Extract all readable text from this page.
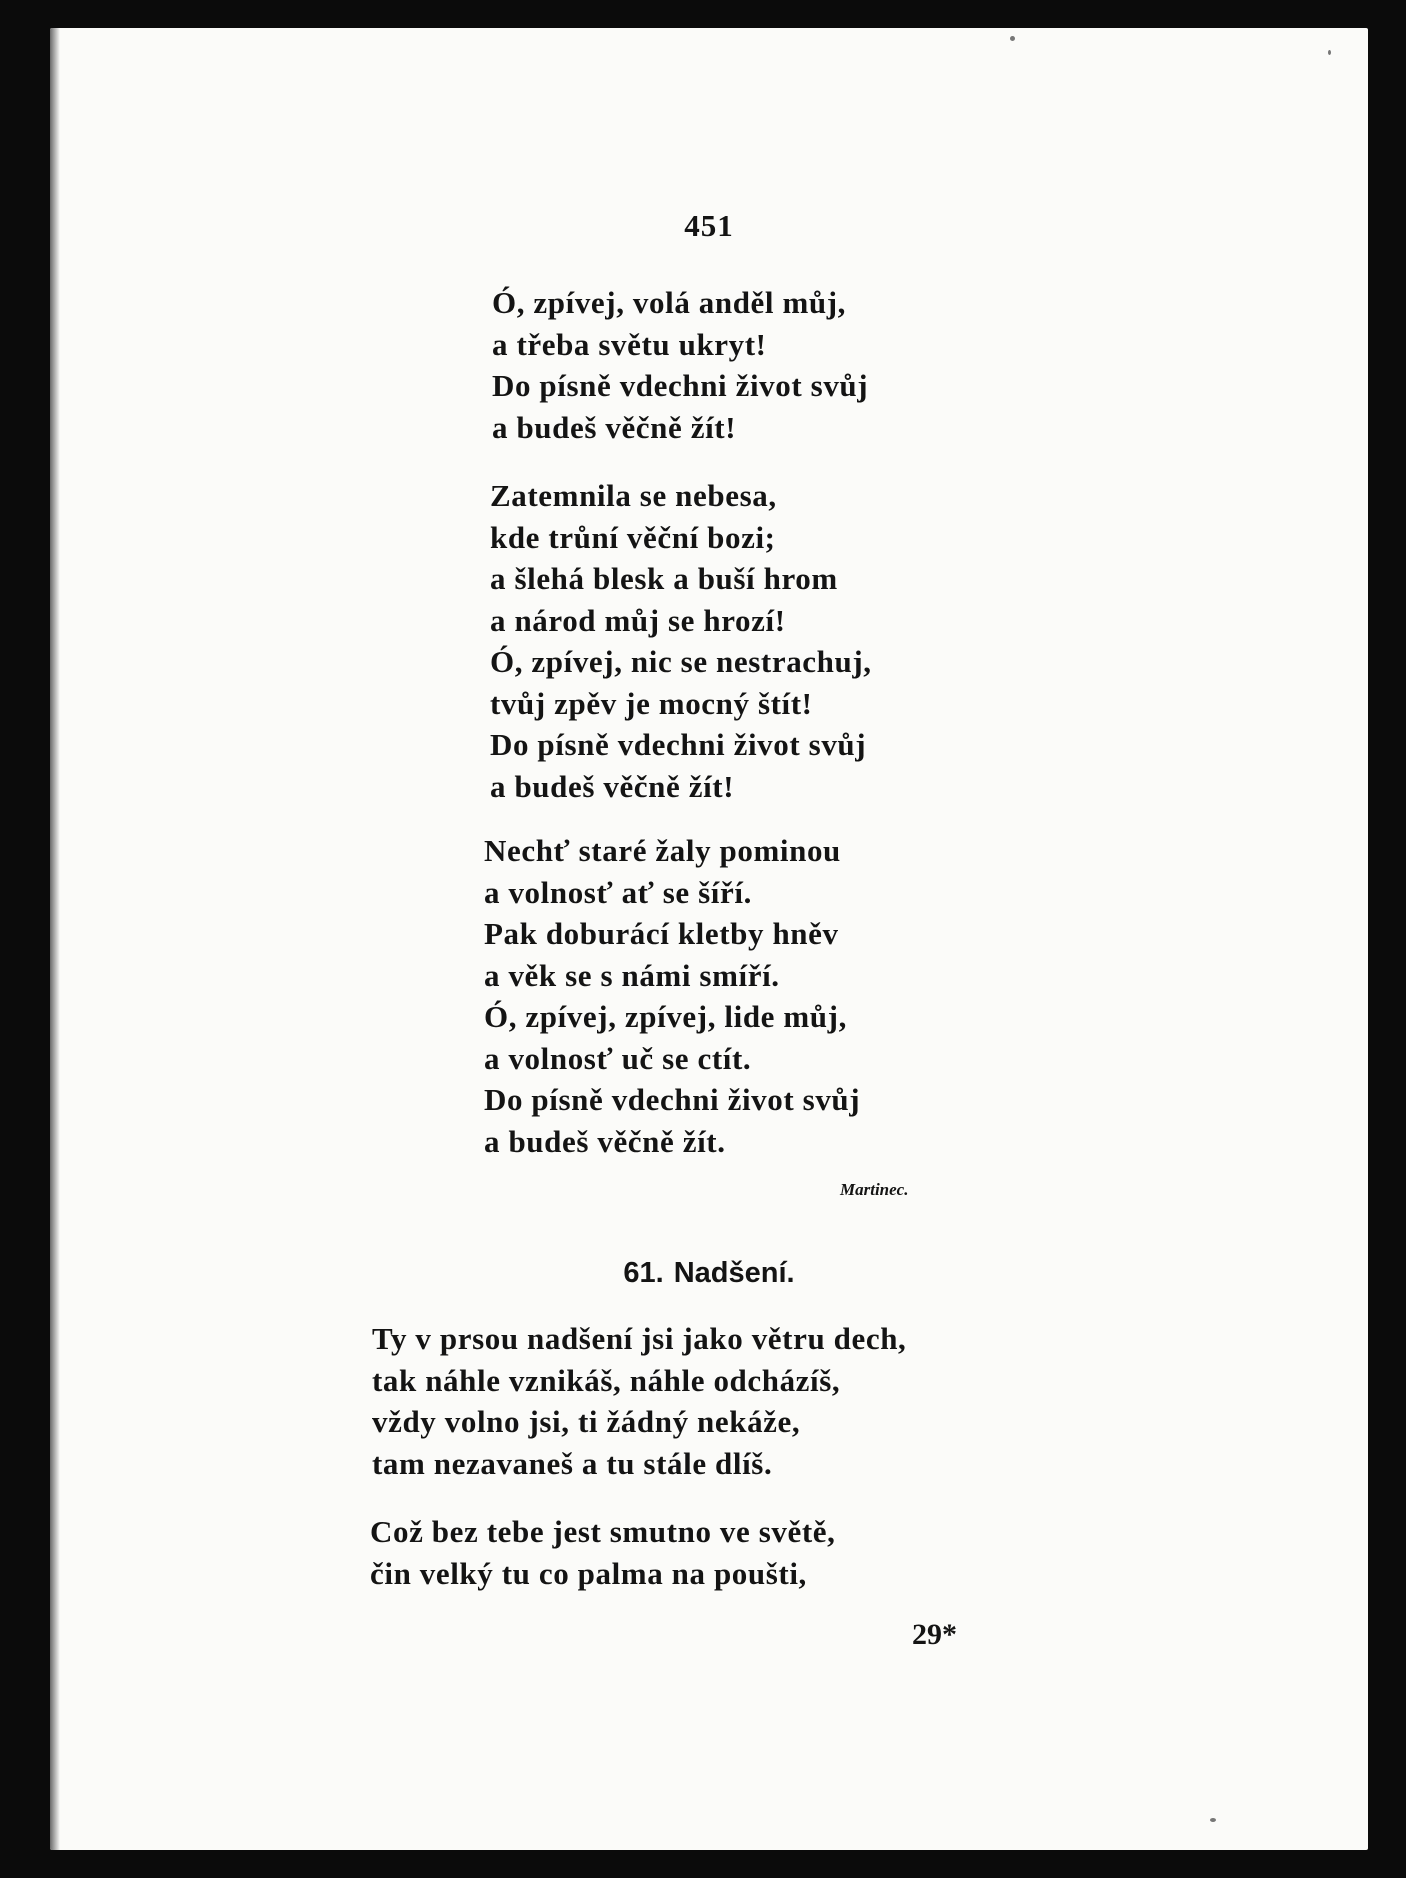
451
Ó, zpívej, volá anděl můj,
a třeba světu ukryt!
Do písně vdechni život svůj
a budeš věčně žít!
Zatemnila se nebesa,
kde trůní věční bozi;
a šlehá blesk a buší hrom
a národ můj se hrozí!
Ó, zpívej, nic se nestrachuj,
tvůj zpěv je mocný štít!
Do písně vdechni život svůj
a budeš věčně žít!
Nechť staré žaly pominou
a volnosť ať se šíří.
Pak doburácí kletby hněv
a věk se s námi smíří.
Ó, zpívej, zpívej, lide můj,
a volnosť uč se ctít.
Do písně vdechni život svůj
a budeš věčně žít.
Martinec.
61. Nadšení.
Ty v prsou nadšení jsi jako větru dech,
tak náhle vznikáš, náhle odcházíš,
vždy volno jsi, ti žádný nekáže,
tam nezavaneš a tu stále dlíš.
Což bez tebe jest smutno ve světě,
čin velký tu co palma na poušti,
29*
